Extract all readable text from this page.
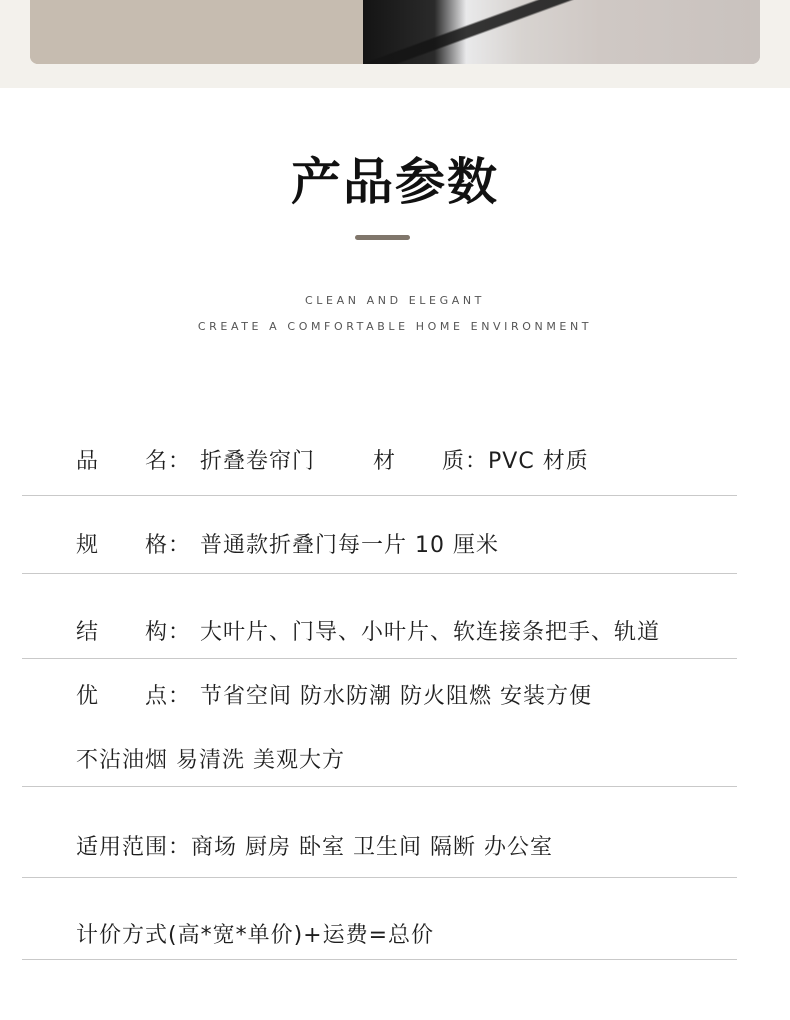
产品参数
CLEAN AND ELEGANT
CREATE A COMFORTABLE HOME ENVIRONMENT
品　　名： 折叠卷帘门	材　　质：PVC 材质
规　　格： 普通款折叠门每一片 10 厘米
结　　构： 大叶片、门导、小叶片、软连接条把手、轨道
优　　点： 节省空间 防水防潮 防火阻燃 安装方便
不沾油烟 易清洗 美观大方
适用范围：商场 厨房 卧室 卫生间 隔断 办公室
计价方式(高*宽*单价)+运费=总价
